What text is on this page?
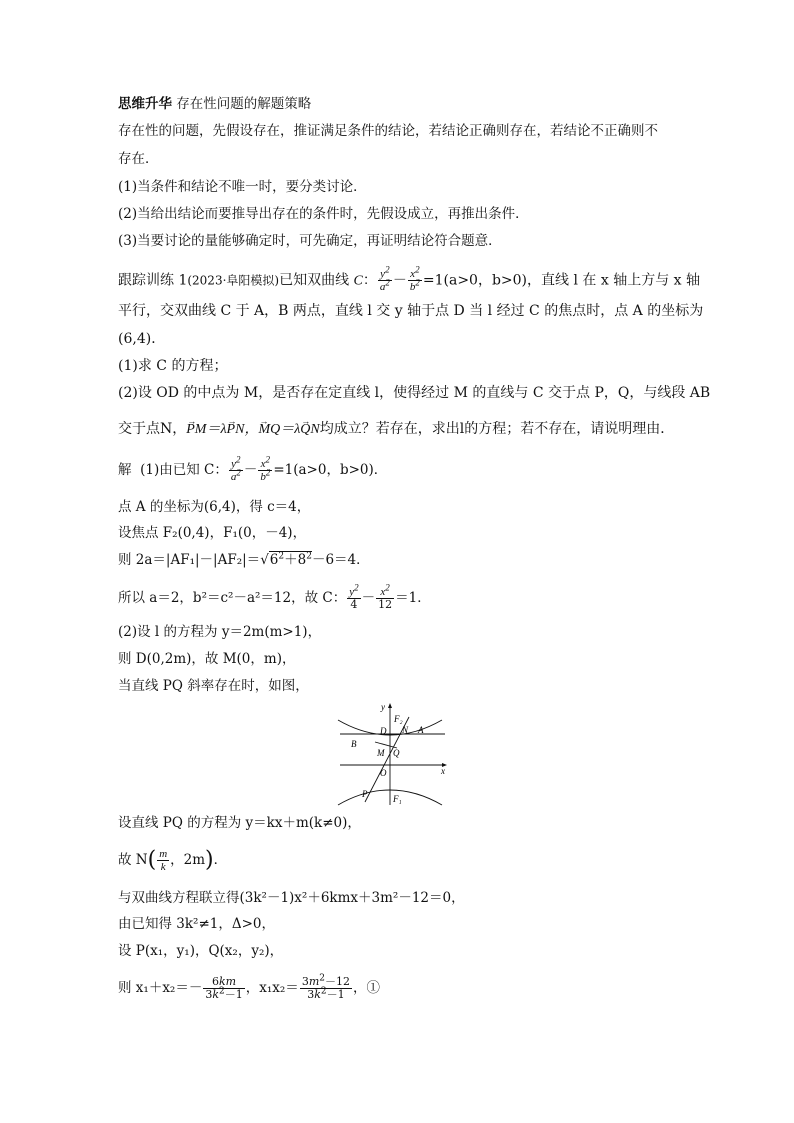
思维升华 存在性问题的解题策略
存在性的问题，先假设存在，推证满足条件的结论，若结论正确则存在，若结论不正确则不
存在．
(1)当条件和结论不唯一时，要分类讨论．
(2)当给出结论而要推导出存在的条件时，先假设成立，再推出条件．
(3)当要讨论的量能够确定时，可先确定，再证明结论符合题意．
跟踪训练 1(2023·阜阳模拟)已知双曲线 C： $\frac{y^2}{a^2} - \frac{x^2}{b^2} =1(a>0$，b>0)，直线 l 在 x 轴上方与 x 轴
平行，交双曲线 C 于 A，B 两点，直线 l 交 y 轴于点 D 当 l 经过 C 的焦点时，点 A 的坐标为
(6,4)．
(1)求 C 的方程；
(2)设 OD 的中点为 M，是否存在定直线 l，使得经过 M 的直线与 C 交于点 P，Q，与线段 AB
交于点N，→ PM＝λ→ PN，→ MQ＝λ→ QN均成立？若存在，求出l的方程；若不存在，请说明理由．
解 (1)由已知 C： $\frac{y^2}{a^2} - \frac{x^2}{b^2} =1(a>0$，b>0)．
点 A 的坐标为(6,4)，得 c＝4，
设焦点 F₂(0,4)，F₁(0，－4)，
则 $2a=|AF_1|-|AF_2|=√6^2+8^2-6=4$．
所以 a＝2，b²＝c²－a²＝12，故 C： $\frac{y^2}{4} - \frac{x^2}{12} =1$．
(2)设 l 的方程为 y＝2m(m>1)，
则 D(0,2m)，故 M(0，m)，
当直线 PQ 斜率存在时，如图，
y
x
F₂
N A
D
B
M Q
O
P	F₁
设直线 PQ 的方程为 y＝kx＋m(k≠0)，
故 $N( \frac{m}{k}$ ，2m)．
与双曲线方程联立得(3k²－1)x²＋6kmx＋3m²－12＝0，
由已知得 3k²≠1，Δ>0，
设 P(x₁，y₁)，Q(x₂，y₂)，
则 $x_1+x_2=- \frac{6km}{3k^2-1}$ ，$x_1x_2= \frac{3m^2-12}{3k^2-1}$ ，①
